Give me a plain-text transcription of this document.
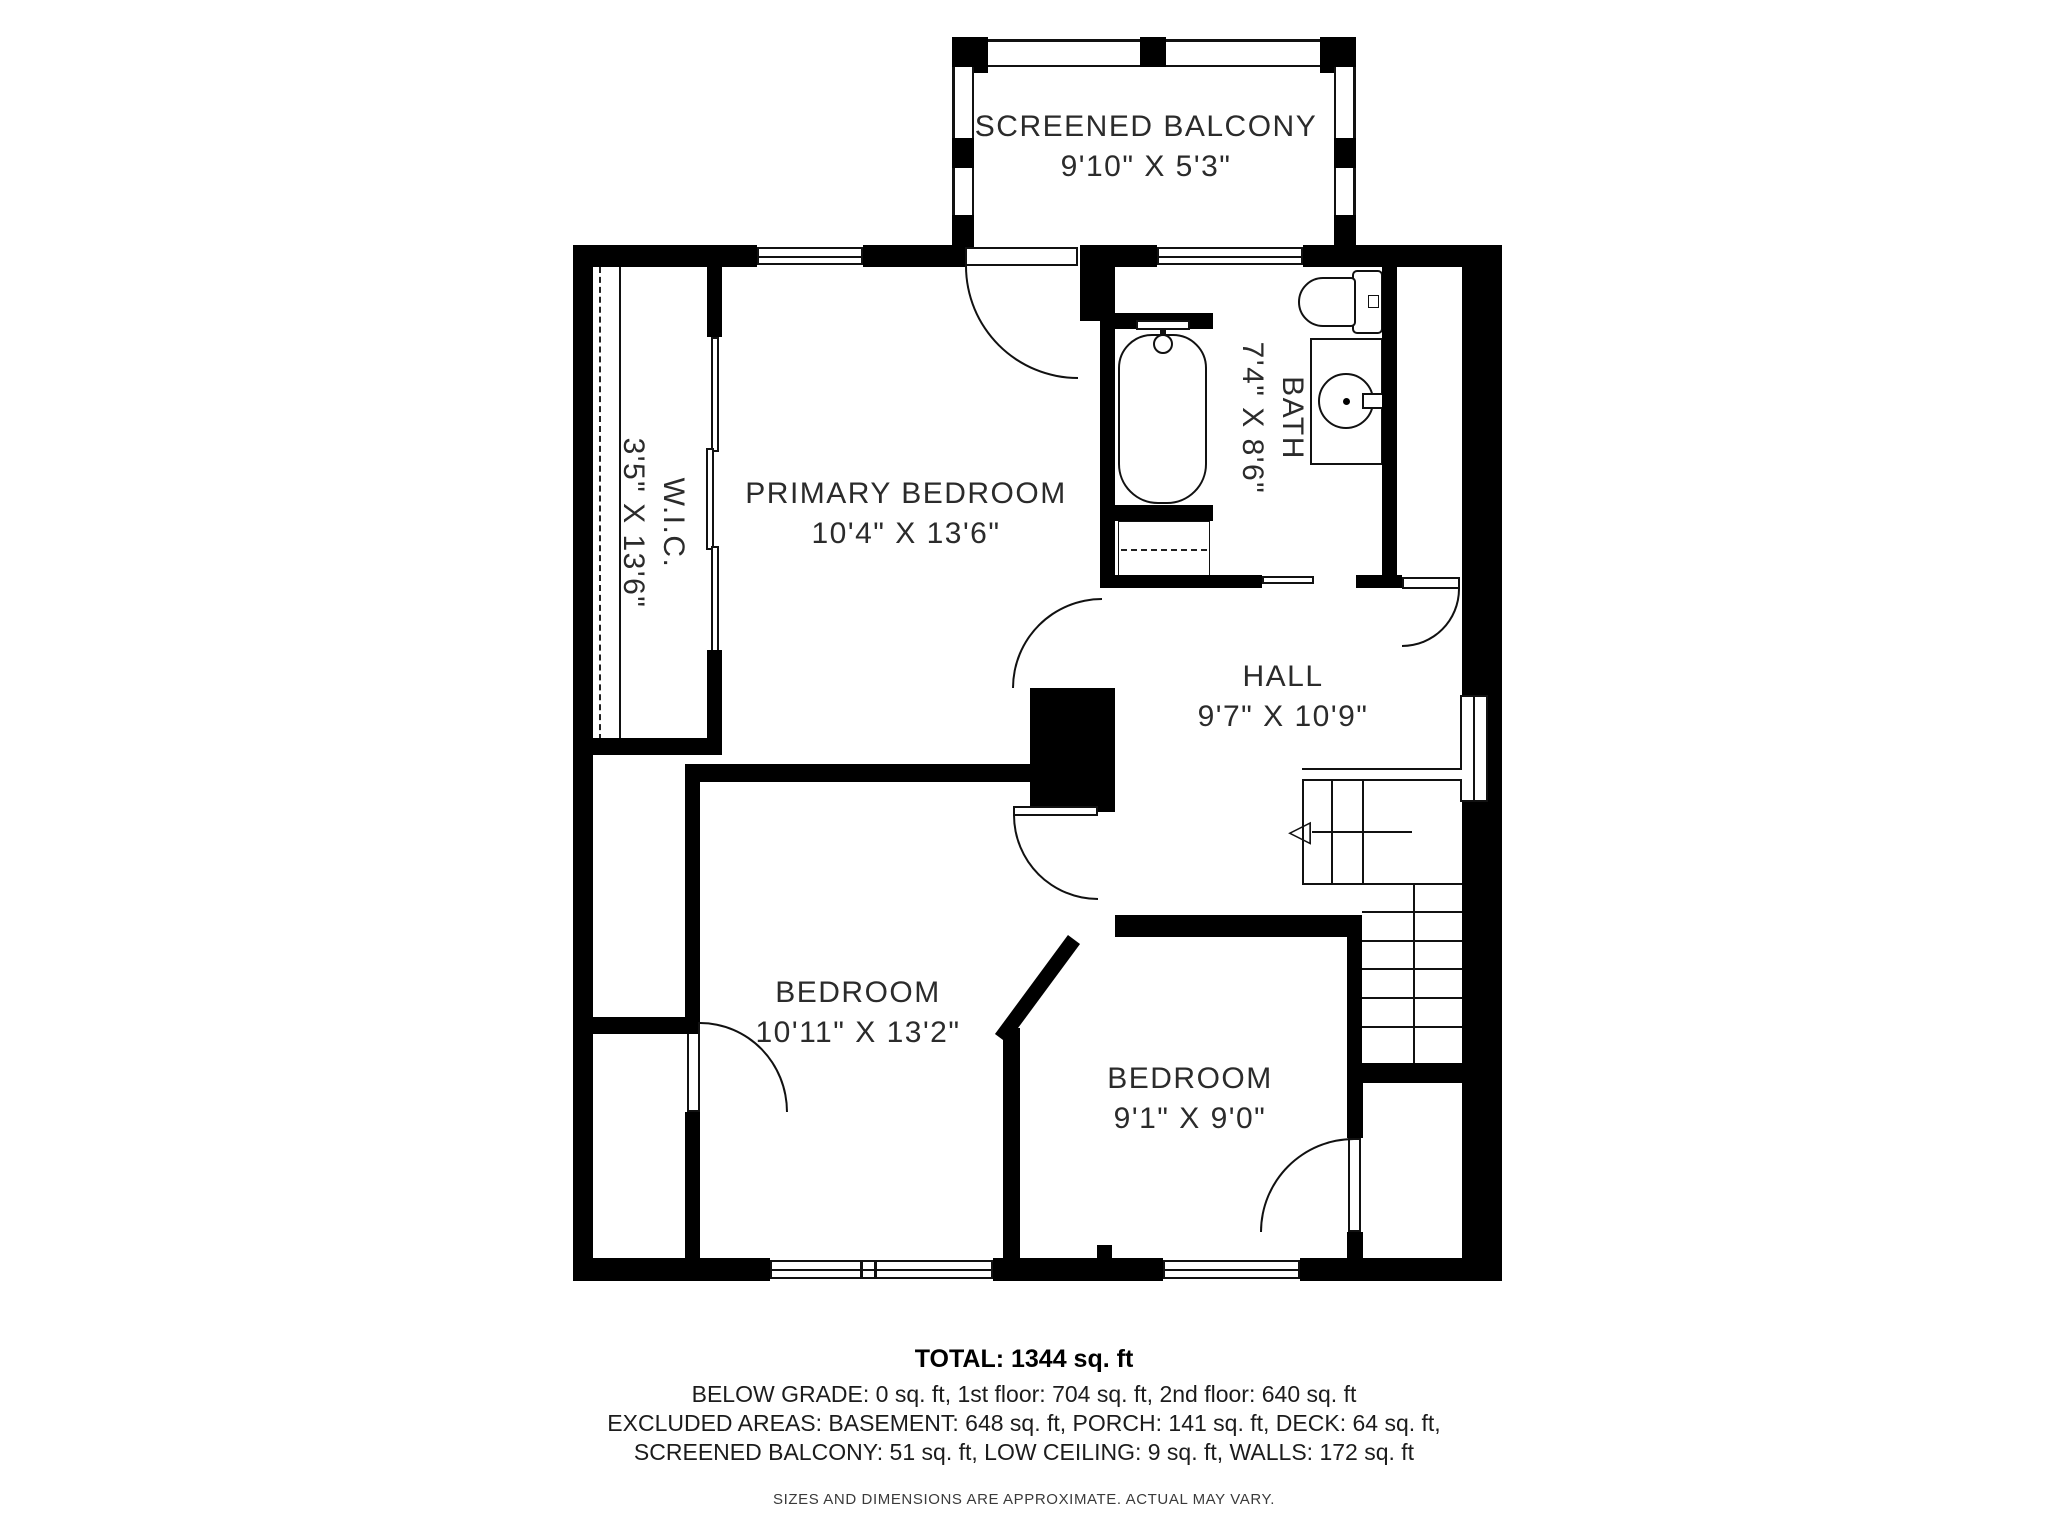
◁
SCREENED BALCONY
9'10" X 5'3"
PRIMARY BEDROOM
10'4" X 13'6"
W.I.C.
3'5" X 13'6"
BATH
7'4" X 8'6"
HALL
9'7" X 10'9"
BEDROOM
10'11" X 13'2"
BEDROOM
9'1" X 9'0"
TOTAL: 1344 sq. ft
BELOW GRADE: 0 sq. ft, 1st floor: 704 sq. ft, 2nd floor: 640 sq. ft
EXCLUDED AREAS: BASEMENT: 648 sq. ft, PORCH: 141 sq. ft, DECK: 64 sq. ft,
SCREENED BALCONY: 51 sq. ft, LOW CEILING: 9 sq. ft, WALLS: 172 sq. ft
SIZES AND DIMENSIONS ARE APPROXIMATE. ACTUAL MAY VARY.
